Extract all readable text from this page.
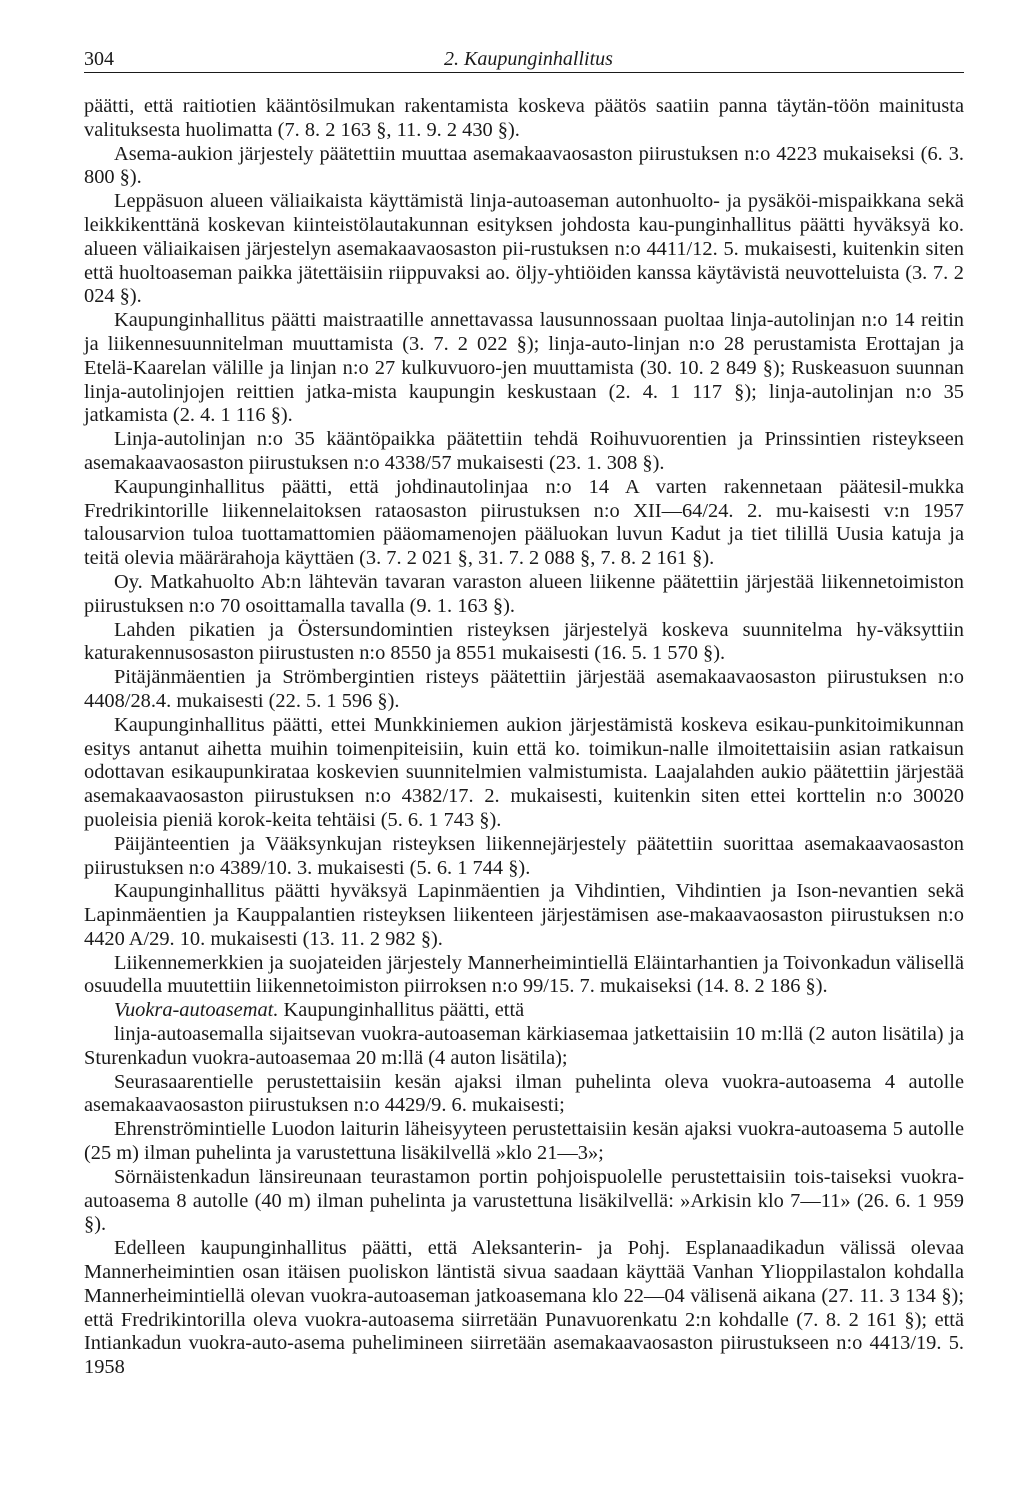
304	2. Kaupunginhallitus

päätti, että raitiotien kääntösilmukan rakentamista koskeva päätös saatiin panna täytän-töön mainitusta valituksesta huolimatta (7. 8. 2 163 §, 11. 9. 2 430 §).

Asema-aukion järjestely päätettiin muuttaa asemakaavaosaston piirustuksen n:o 4223 mukaiseksi (6. 3. 800 §).

Leppäsuon alueen väliaikaista käyttämistä linja-autoaseman autonhuolto- ja pysäköi-mispaikkana sekä leikkikenttänä koskevan kiinteistölautakunnan esityksen johdosta kau-punginhallitus päätti hyväksyä ko. alueen väliaikaisen järjestelyn asemakaavaosaston pii-rustuksen n:o 4411/12. 5. mukaisesti, kuitenkin siten että huoltoaseman paikka jätettäisiin riippuvaksi ao. öljy-yhtiöiden kanssa käytävistä neuvotteluista (3. 7. 2 024 §).

Kaupunginhallitus päätti maistraatille annettavassa lausunnossaan puoltaa linja-autolinjan n:o 14 reitin ja liikennesuunnitelman muuttamista (3. 7. 2 022 §); linja-auto-linjan n:o 28 perustamista Erottajan ja Etelä-Kaarelan välille ja linjan n:o 27 kulkuvuoro-jen muuttamista (30. 10. 2 849 §); Ruskeasuon suunnan linja-autolinjojen reittien jatka-mista kaupungin keskustaan (2. 4. 1 117 §); linja-autolinjan n:o 35 jatkamista (2. 4. 1 116 §).

Linja-autolinjan n:o 35 kääntöpaikka päätettiin tehdä Roihuvuorentien ja Prinssintien risteykseen asemakaavaosaston piirustuksen n:o 4338/57 mukaisesti (23. 1. 308 §).

Kaupunginhallitus päätti, että johdinautolinjaa n:o 14 A varten rakennetaan päätesil-mukka Fredrikintorille liikennelaitoksen rataosaston piirustuksen n:o XII—64/24. 2. mu-kaisesti v:n 1957 talousarvion tuloa tuottamattomien pääomamenojen pääluokan luvun Kadut ja tiet tilillä Uusia katuja ja teitä olevia määrärahoja käyttäen (3. 7. 2 021 §, 31. 7. 2 088 §, 7. 8. 2 161 §).

Oy. Matkahuolto Ab:n lähtevän tavaran varaston alueen liikenne päätettiin järjestää liikennetoimiston piirustuksen n:o 70 osoittamalla tavalla (9. 1. 163 §).

Lahden pikatien ja Östersundomintien risteyksen järjestelyä koskeva suunnitelma hy-väksyttiin katurakennusosaston piirustusten n:o 8550 ja 8551 mukaisesti (16. 5. 1 570 §).

Pitäjänmäentien ja Strömbergintien risteys päätettiin järjestää asemakaavaosaston piirustuksen n:o 4408/28.4. mukaisesti (22. 5. 1 596 §).

Kaupunginhallitus päätti, ettei Munkkiniemen aukion järjestämistä koskeva esikau-punkitoimikunnan esitys antanut aihetta muihin toimenpiteisiin, kuin että ko. toimikun-nalle ilmoitettaisiin asian ratkaisun odottavan esikaupunkirataa koskevien suunnitelmien valmistumista. Laajalahden aukio päätettiin järjestää asemakaavaosaston piirustuksen n:o 4382/17. 2. mukaisesti, kuitenkin siten ettei korttelin n:o 30020 puoleisia pieniä korok-keita tehtäisi (5. 6. 1 743 §).

Päijänteentien ja Vääksynkujan risteyksen liikennejärjestely päätettiin suorittaa asemakaavaosaston piirustuksen n:o 4389/10. 3. mukaisesti (5. 6. 1 744 §).

Kaupunginhallitus päätti hyväksyä Lapinmäentien ja Vihdintien, Vihdintien ja Ison-nevantien sekä Lapinmäentien ja Kauppalantien risteyksen liikenteen järjestämisen ase-makaavaosaston piirustuksen n:o 4420 A/29. 10. mukaisesti (13. 11. 2 982 §).

Liikennemerkkien ja suojateiden järjestely Mannerheimintiellä Eläintarhantien ja Toivonkadun välisellä osuudella muutettiin liikennetoimiston piirroksen n:o 99/15. 7. mukaiseksi (14. 8. 2 186 §).

Vuokra-autoasemat. Kaupunginhallitus päätti, että

linja-autoasemalla sijaitsevan vuokra-autoaseman kärkiasemaa jatkettaisiin 10 m:llä (2 auton lisätila) ja Sturenkadun vuokra-autoasemaa 20 m:llä (4 auton lisätila);

Seurasaarentielle perustettaisiin kesän ajaksi ilman puhelinta oleva vuokra-autoasema 4 autolle asemakaavaosaston piirustuksen n:o 4429/9. 6. mukaisesti;

Ehrenströmintielle Luodon laiturin läheisyyteen perustettaisiin kesän ajaksi vuokra-autoasema 5 autolle (25 m) ilman puhelinta ja varustettuna lisäkilvellä »klo 21—3»;

Sörnäistenkadun länsireunaan teurastamon portin pohjoispuolelle perustettaisiin tois-taiseksi vuokra-autoasema 8 autolle (40 m) ilman puhelinta ja varustettuna lisäkilvellä: »Arkisin klo 7—11» (26. 6. 1 959 §).

Edelleen kaupunginhallitus päätti, että Aleksanterin- ja Pohj. Esplanaadikadun välissä olevaa Mannerheimintien osan itäisen puoliskon läntistä sivua saadaan käyttää Vanhan Ylioppilastalon kohdalla Mannerheimintiellä olevan vuokra-autoaseman jatkoasemana klo 22—04 välisenä aikana (27. 11. 3 134 §); että Fredrikintorilla oleva vuokra-autoasema siirretään Punavuorenkatu 2:n kohdalle (7. 8. 2 161 §); että Intiankadun vuokra-auto-asema puhelimineen siirretään asemakaavaosaston piirustukseen n:o 4413/19. 5. 1958
